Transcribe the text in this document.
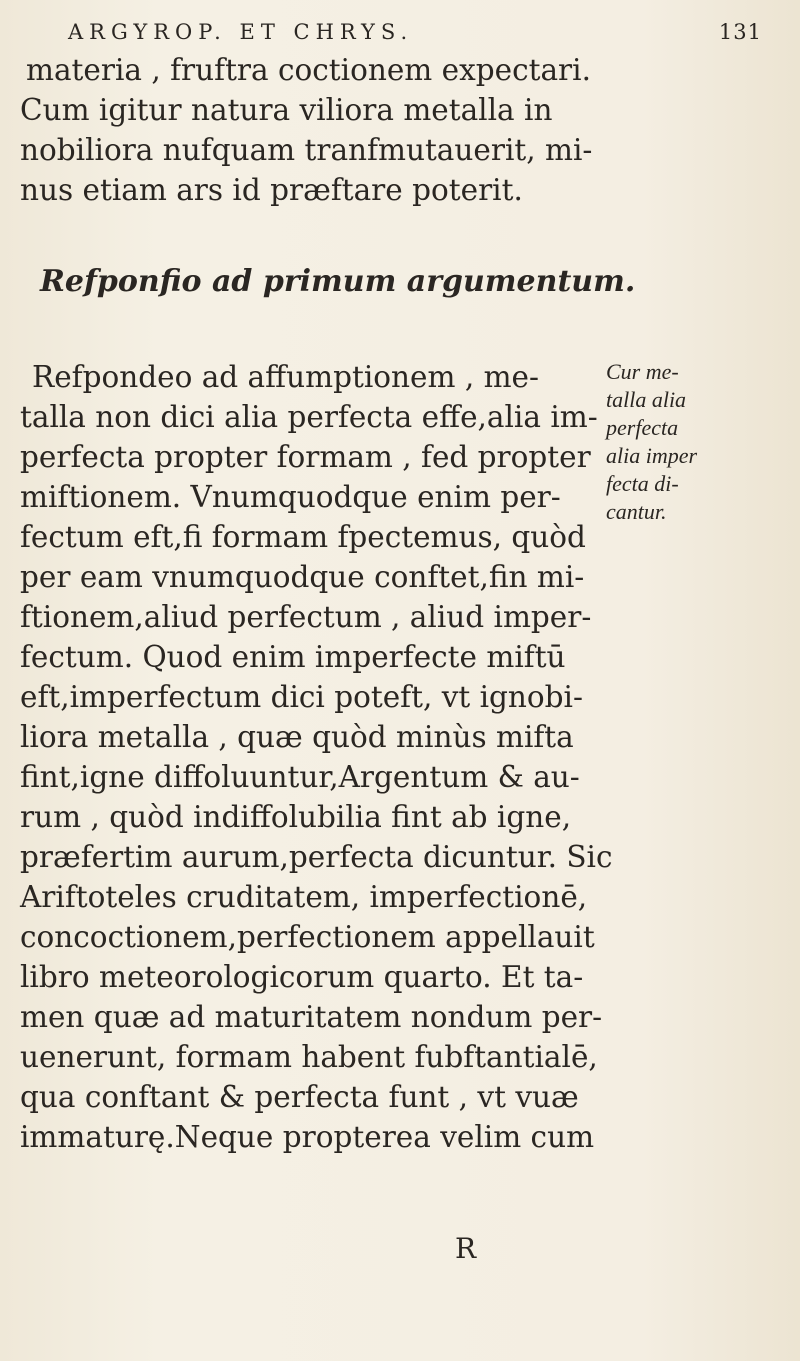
ARGYROP. ET CHRYS.	131
materia , fruftra coctionem expectari.
Cum igitur natura viliora metalla in
nobiliora nufquam tranfmutauerit, mi-
nus etiam ars id præftare poterit.
Refpondeo ad affumptionem , me-
talla non dici alia perfecta effe,alia im-
perfecta propter formam , fed propter
miftionem. Vnumquodque enim per-
fectum eft,fi formam fpectemus, quòd
per eam vnumquodque conftet,fin mi-
ftionem,aliud perfectum , aliud imper-
fectum. Quod enim imperfecte miftū
eft,imperfectum dici poteft, vt ignobi-
liora metalla , quæ quòd minùs mifta
fint,igne diffoluuntur,Argentum & au-
rum , quòd indiffolubilia fint ab igne,
præfertim aurum,perfecta dicuntur. Sic
Ariftoteles cruditatem, imperfectionē,
concoctionem,perfectionem appellauit
libro meteorologicorum quarto. Et ta-
men quæ ad maturitatem nondum per-
uenerunt, formam habent fubftantialē,
qua conftant & perfecta funt , vt vuæ
immaturę.Neque propterea velim cum
Refponfio ad primum argumentum.
Cur me-
talla alia
perfecta
alia imper
fecta di-
cantur.
R
